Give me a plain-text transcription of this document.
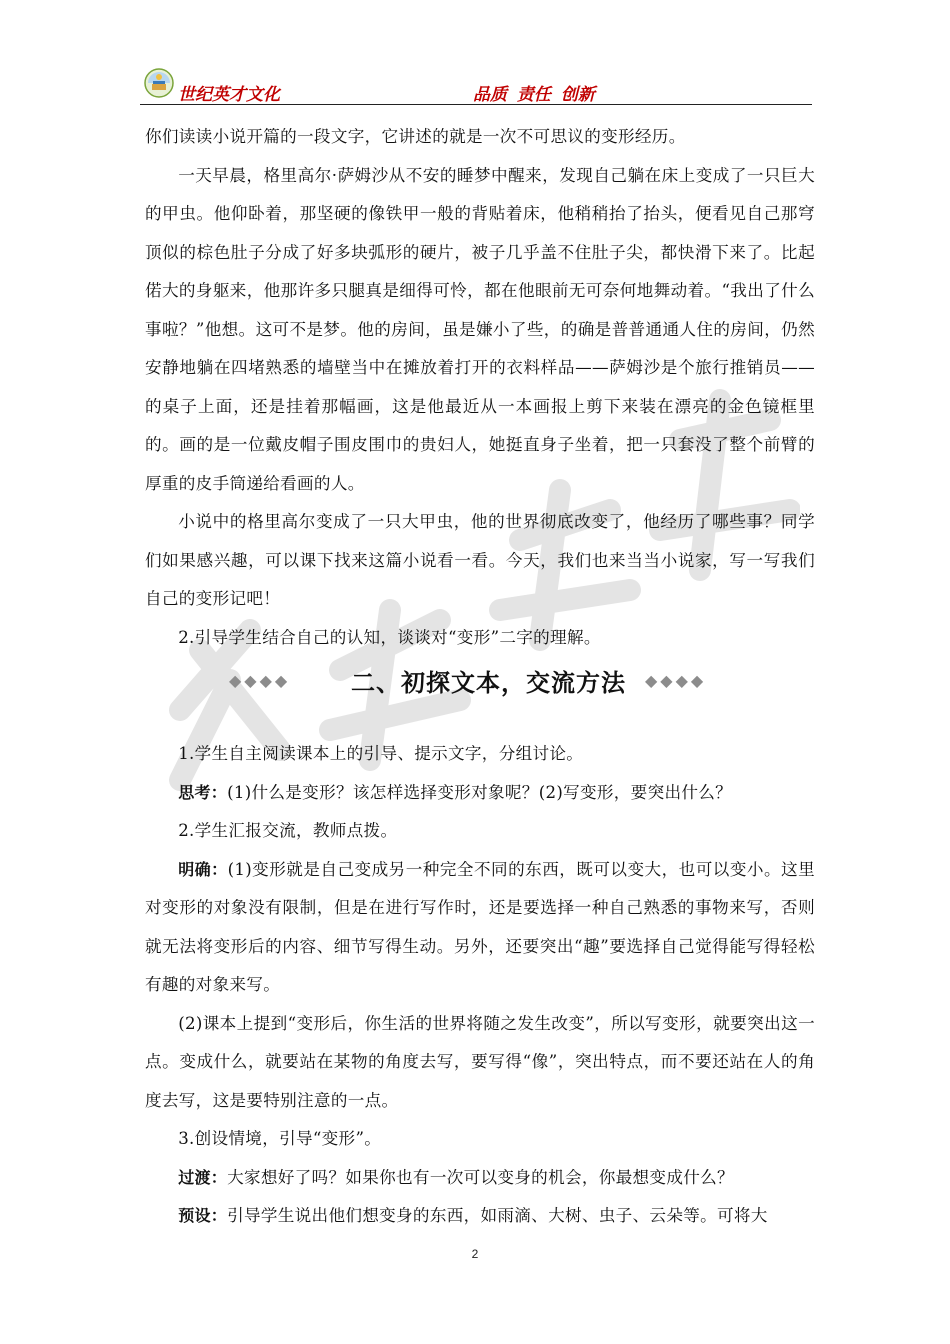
世纪英才文化	品质 责任 创新

你们读读小说开篇的一段文字，它讲述的就是一次不可思议的变形经历。

一天早晨，格里高尔·萨姆沙从不安的睡梦中醒来，发现自己躺在床上变成了一只巨大的甲虫。他仰卧着，那坚硬的像铁甲一般的背贴着床，他稍稍抬了抬头，便看见自己那穹顶似的棕色肚子分成了好多块弧形的硬片，被子几乎盖不住肚子尖，都快滑下来了。比起偌大的身躯来，他那许多只腿真是细得可怜，都在他眼前无可奈何地舞动着。“我出了什么事啦？”他想。这可不是梦。他的房间，虽是嫌小了些，的确是普普通通人住的房间，仍然安静地躺在四堵熟悉的墙壁当中在摊放着打开的衣料样品——萨姆沙是个旅行推销员——的桌子上面，还是挂着那幅画，这是他最近从一本画报上剪下来装在漂亮的金色镜框里的。画的是一位戴皮帽子围皮围巾的贵妇人，她挺直身子坐着，把一只套没了整个前臂的厚重的皮手筒递给看画的人。

小说中的格里高尔变成了一只大甲虫，他的世界彻底改变了，他经历了哪些事？同学们如果感兴趣，可以课下找来这篇小说看一看。今天，我们也来当当小说家，写一写我们自己的变形记吧！

2.引导学生结合自己的认知，谈谈对“变形”二字的理解。

◆◆◆◆	二、初探文本，交流方法 ◆◆◆◆

1.学生自主阅读课本上的引导、提示文字，分组讨论。

思考：(1)什么是变形？该怎样选择变形对象呢？(2)写变形，要突出什么？

2.学生汇报交流，教师点拨。

明确：(1)变形就是自己变成另一种完全不同的东西，既可以变大，也可以变小。这里对变形的对象没有限制，但是在进行写作时，还是要选择一种自己熟悉的事物来写，否则就无法将变形后的内容、细节写得生动。另外，还要突出“趣”要选择自己觉得能写得轻松有趣的对象来写。

(2)课本上提到“变形后，你生活的世界将随之发生改变”，所以写变形，就要突出这一点。变成什么，就要站在某物的角度去写，要写得“像”，突出特点，而不要还站在人的角度去写，这是要特别注意的一点。

3.创设情境，引导“变形”。

过渡：大家想好了吗？如果你也有一次可以变身的机会，你最想变成什么？

预设：引导学生说出他们想变身的东西，如雨滴、大树、虫子、云朵等。可将大

2
